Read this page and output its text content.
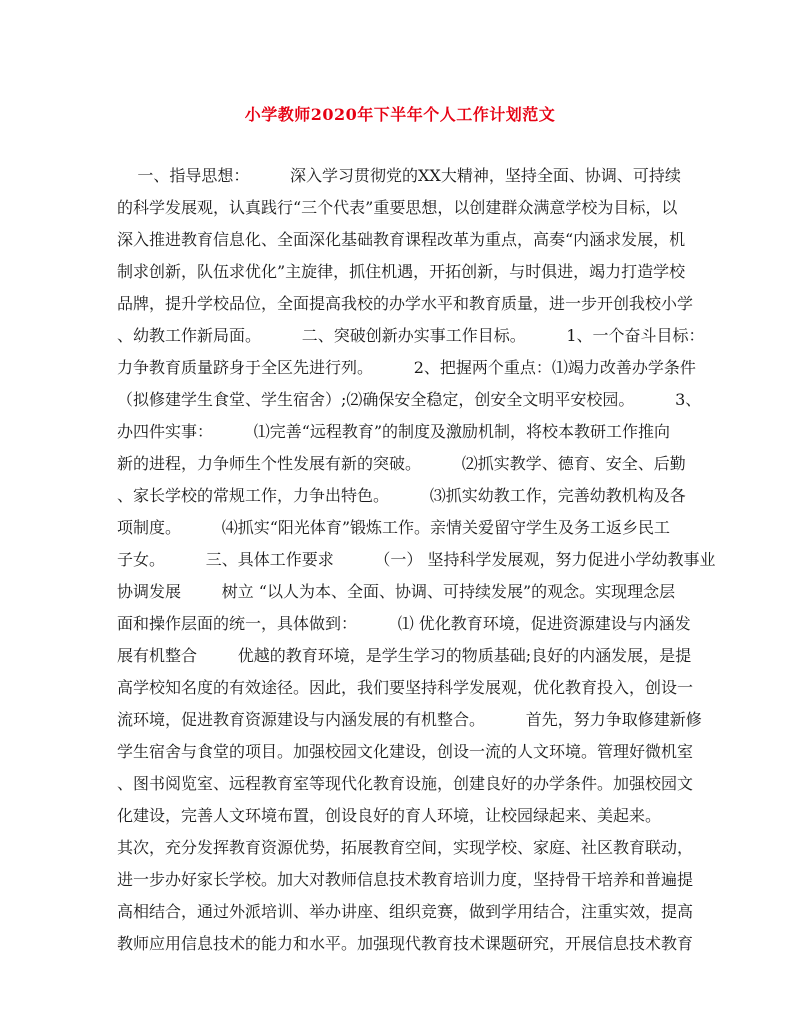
小学教师2020年下半年个人工作计划范文
一、指导思想：        深入学习贯彻党的XX大精神，坚持全面、协调、可持续
的科学发展观，认真践行“三个代表”重要思想，以创建群众满意学校为目标，以
深入推进教育信息化、全面深化基础教育课程改革为重点，高奏“内涵求发展，机
制求创新，队伍求优化”主旋律，抓住机遇，开拓创新，与时俱进，竭力打造学校
品牌，提升学校品位，全面提高我校的办学水平和教育质量，进一步开创我校小学
、幼教工作新局面。        二、突破创新办实事工作目标。        1、一个奋斗目标：
力争教育质量跻身于全区先进行列。        2、把握两个重点：⑴竭力改善办学条件
（拟修建学生食堂、学生宿舍）;⑵确保安全稳定，创安全文明平安校园。        3、
办四件实事：        ⑴完善“远程教育”的制度及激励机制，将校本教研工作推向
新的进程，力争师生个性发展有新的突破。        ⑵抓实教学、德育、安全、后勤
、家长学校的常规工作，力争出特色。        ⑶抓实幼教工作，完善幼教机构及各
项制度。        ⑷抓实“阳光体育”锻炼工作。亲情关爱留守学生及务工返乡民工
子女。        三、具体工作要求        （一） 坚持科学发展观，努力促进小学幼教事业
协调发展        树立 “以人为本、全面、协调、可持续发展”的观念。实现理念层
面和操作层面的统一，具体做到：        ⑴ 优化教育环境，促进资源建设与内涵发
展有机整合        优越的教育环境，是学生学习的物质基础;良好的内涵发展，是提
高学校知名度的有效途径。因此，我们要坚持科学发展观，优化教育投入，创设一
流环境，促进教育资源建设与内涵发展的有机整合。        首先，努力争取修建新修
学生宿舍与食堂的项目。加强校园文化建设，创设一流的人文环境。管理好微机室
、图书阅览室、远程教育室等现代化教育设施，创建良好的办学条件。加强校园文
化建设，完善人文环境布置，创设良好的育人环境，让校园绿起来、美起来。
其次，充分发挥教育资源优势，拓展教育空间，实现学校、家庭、社区教育联动，
进一步办好家长学校。加大对教师信息技术教育培训力度，坚持骨干培养和普遍提
高相结合，通过外派培训、举办讲座、组织竞赛，做到学用结合，注重实效，提高
教师应用信息技术的能力和水平。加强现代教育技术课题研究，开展信息技术教育
